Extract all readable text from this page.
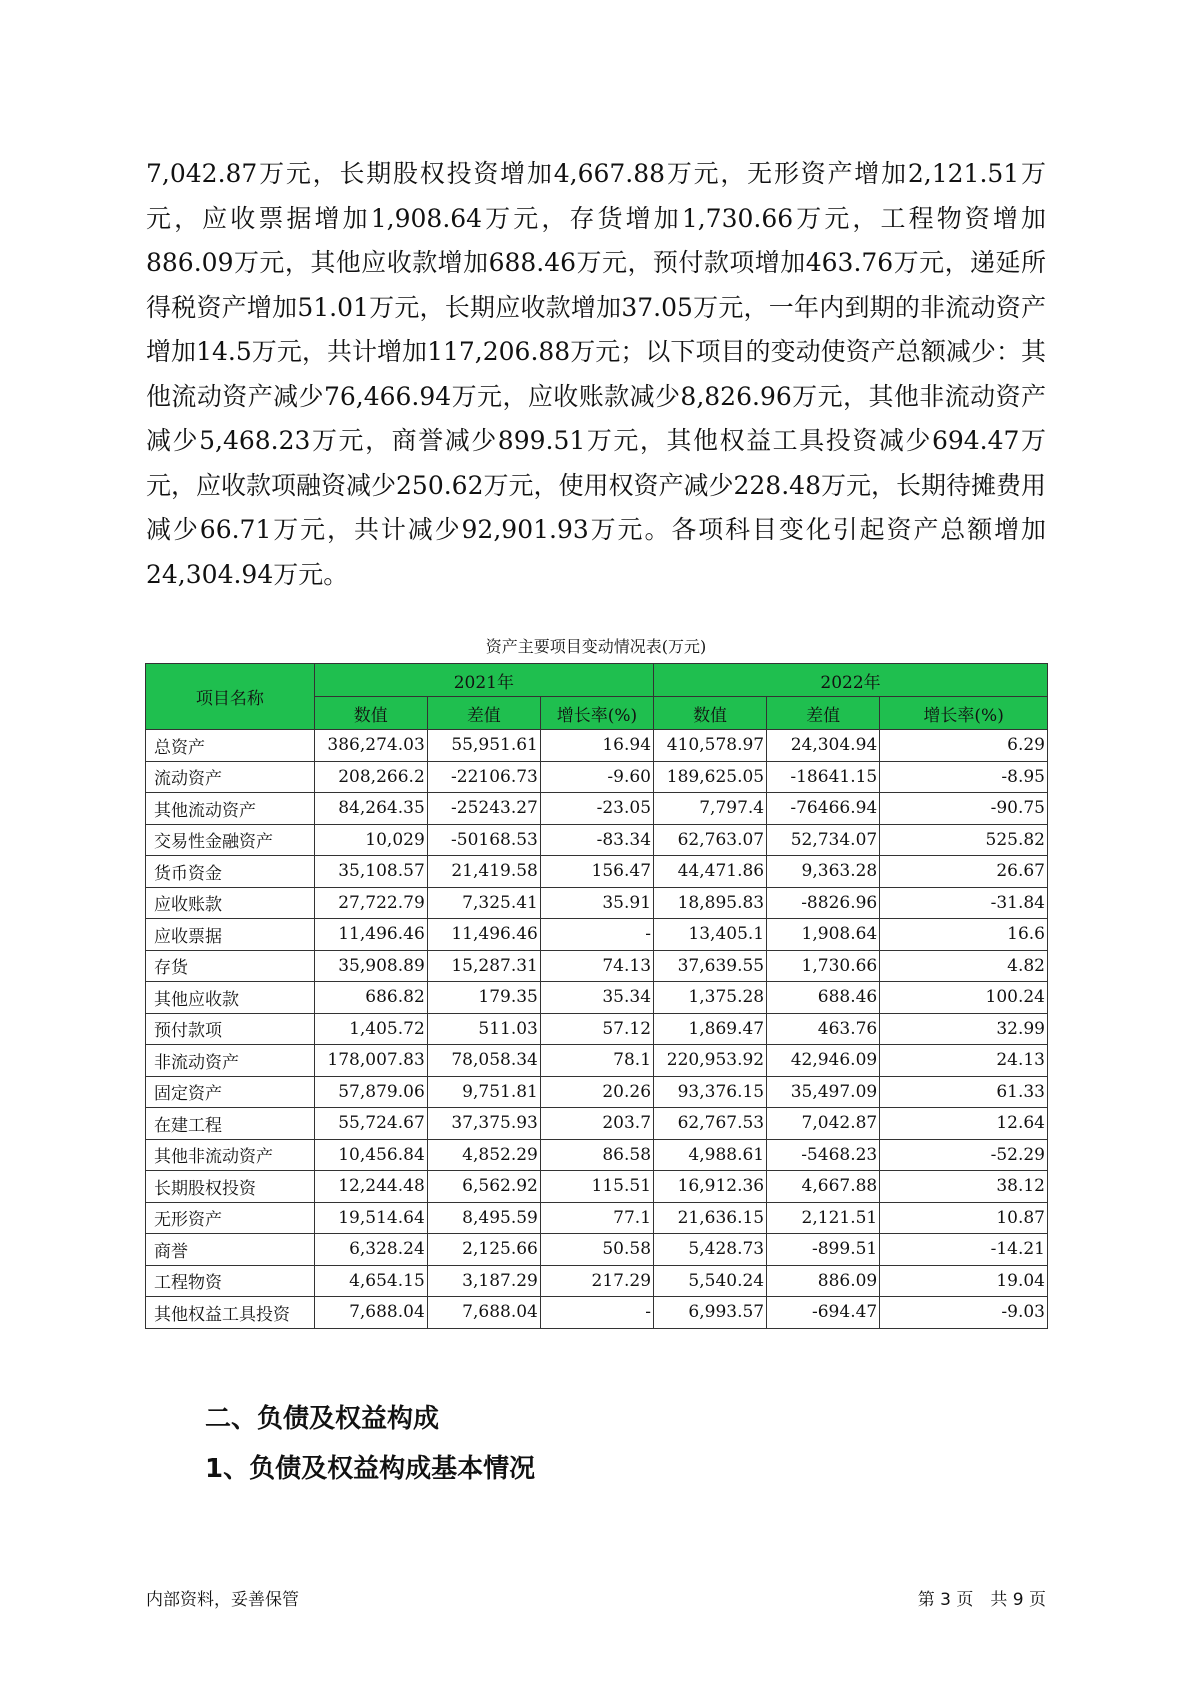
7,042.87万元，长期股权投资增加4,667.88万元，无形资产增加2,121.51万元，应收票据增加1,908.64万元，存货增加1,730.66万元，工程物资增加886.09万元，其他应收款增加688.46万元，预付款项增加463.76万元，递延所得税资产增加51.01万元，长期应收款增加37.05万元，一年内到期的非流动资产增加14.5万元，共计增加117,206.88万元；以下项目的变动使资产总额减少：其他流动资产减少76,466.94万元，应收账款减少8,826.96万元，其他非流动资产减少5,468.23万元，商誉减少899.51万元，其他权益工具投资减少694.47万元，应收款项融资减少250.62万元，使用权资产减少228.48万元，长期待摊费用减少66.71万元，共计减少92,901.93万元。各项科目变化引起资产总额增加24,304.94万元。

资产主要项目变动情况表(万元)
项目名称	2021年			2022年		
	数值	差值	增长率(%)	数值	差值	增长率(%)
总资产	386,274.03	55,951.61	16.94	410,578.97	24,304.94	6.29
流动资产	208,266.2	-22106.73	-9.60	189,625.05	-18641.15	-8.95
其他流动资产	84,264.35	-25243.27	-23.05	7,797.4	-76466.94	-90.75
交易性金融资产	10,029	-50168.53	-83.34	62,763.07	52,734.07	525.82
货币资金	35,108.57	21,419.58	156.47	44,471.86	9,363.28	26.67
应收账款	27,722.79	7,325.41	35.91	18,895.83	-8826.96	-31.84
应收票据	11,496.46	11,496.46	-	13,405.1	1,908.64	16.6
存货	35,908.89	15,287.31	74.13	37,639.55	1,730.66	4.82
其他应收款	686.82	179.35	35.34	1,375.28	688.46	100.24
预付款项	1,405.72	511.03	57.12	1,869.47	463.76	32.99
非流动资产	178,007.83	78,058.34	78.1	220,953.92	42,946.09	24.13
固定资产	57,879.06	9,751.81	20.26	93,376.15	35,497.09	61.33
在建工程	55,724.67	37,375.93	203.7	62,767.53	7,042.87	12.64
其他非流动资产	10,456.84	4,852.29	86.58	4,988.61	-5468.23	-52.29
长期股权投资	12,244.48	6,562.92	115.51	16,912.36	4,667.88	38.12
无形资产	19,514.64	8,495.59	77.1	21,636.15	2,121.51	10.87
商誉	6,328.24	2,125.66	50.58	5,428.73	-899.51	-14.21
工程物资	4,654.15	3,187.29	217.29	5,540.24	886.09	19.04
其他权益工具投资	7,688.04	7,688.04	-	6,993.57	-694.47	-9.03
二、负债及权益构成
1、负债及权益构成基本情况
内部资料，妥善保管	第 3 页　共 9 页
